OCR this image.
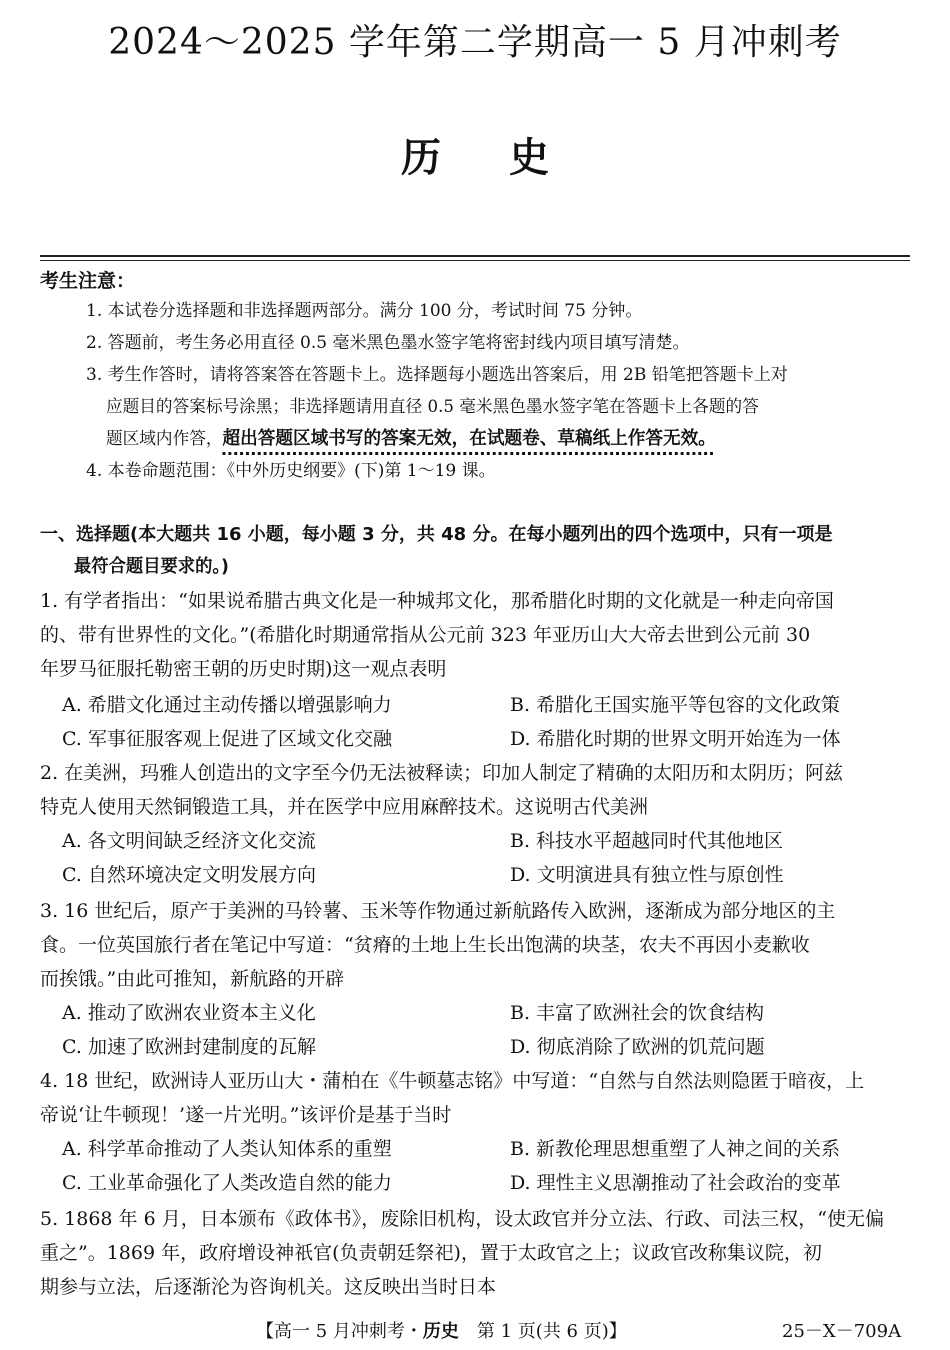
2024～2025 学年第二学期高一 5 月冲刺考
历 史
考生注意：
1. 本试卷分选择题和非选择题两部分。满分 100 分，考试时间 75 分钟。
2. 答题前，考生务必用直径 0.5 毫米黑色墨水签字笔将密封线内项目填写清楚。
3. 考生作答时，请将答案答在答题卡上。选择题每小题选出答案后，用 2B 铅笔把答题卡上对
应题目的答案标号涂黑；非选择题请用直径 0.5 毫米黑色墨水签字笔在答题卡上各题的答
题区域内作答，超出答题区域书写的答案无效，在试题卷、草稿纸上作答无效。
4. 本卷命题范围：《中外历史纲要》(下)第 1～19 课。
一、选择题(本大题共 16 小题，每小题 3 分，共 48 分。在每小题列出的四个选项中，只有一项是
最符合题目要求的。)
1. 有学者指出：“如果说希腊古典文化是一种城邦文化，那希腊化时期的文化就是一种走向帝国
的、带有世界性的文化。”(希腊化时期通常指从公元前 323 年亚历山大大帝去世到公元前 30
年罗马征服托勒密王朝的历史时期)这一观点表明
A. 希腊文化通过主动传播以增强影响力	B. 希腊化王国实施平等包容的文化政策
C. 军事征服客观上促进了区域文化交融	D. 希腊化时期的世界文明开始连为一体
2. 在美洲，玛雅人创造出的文字至今仍无法被释读；印加人制定了精确的太阳历和太阴历；阿兹
特克人使用天然铜锻造工具，并在医学中应用麻醉技术。这说明古代美洲
A. 各文明间缺乏经济文化交流	B. 科技水平超越同时代其他地区
C. 自然环境决定文明发展方向	D. 文明演进具有独立性与原创性
3. 16 世纪后，原产于美洲的马铃薯、玉米等作物通过新航路传入欧洲，逐渐成为部分地区的主
食。一位英国旅行者在笔记中写道：“贫瘠的土地上生长出饱满的块茎，农夫不再因小麦歉收
而挨饿。”由此可推知，新航路的开辟
A. 推动了欧洲农业资本主义化	B. 丰富了欧洲社会的饮食结构
C. 加速了欧洲封建制度的瓦解	D. 彻底消除了欧洲的饥荒问题
4. 18 世纪，欧洲诗人亚历山大・蒲柏在《牛顿墓志铭》中写道：“自然与自然法则隐匿于暗夜，上
帝说‘让牛顿现！’遂一片光明。”该评价是基于当时
A. 科学革命推动了人类认知体系的重塑	B. 新教伦理思想重塑了人神之间的关系
C. 工业革命强化了人类改造自然的能力	D. 理性主义思潮推动了社会政治的变革
5. 1868 年 6 月，日本颁布《政体书》，废除旧机构，设太政官并分立法、行政、司法三权，“使无偏
重之”。1869 年，政府增设神祇官(负责朝廷祭祀)，置于太政官之上；议政官改称集议院，初
期参与立法，后逐渐沦为咨询机关。这反映出当时日本
【高一 5 月冲刺考・历史　第 1 页(共 6 页)】	25－X－709A
